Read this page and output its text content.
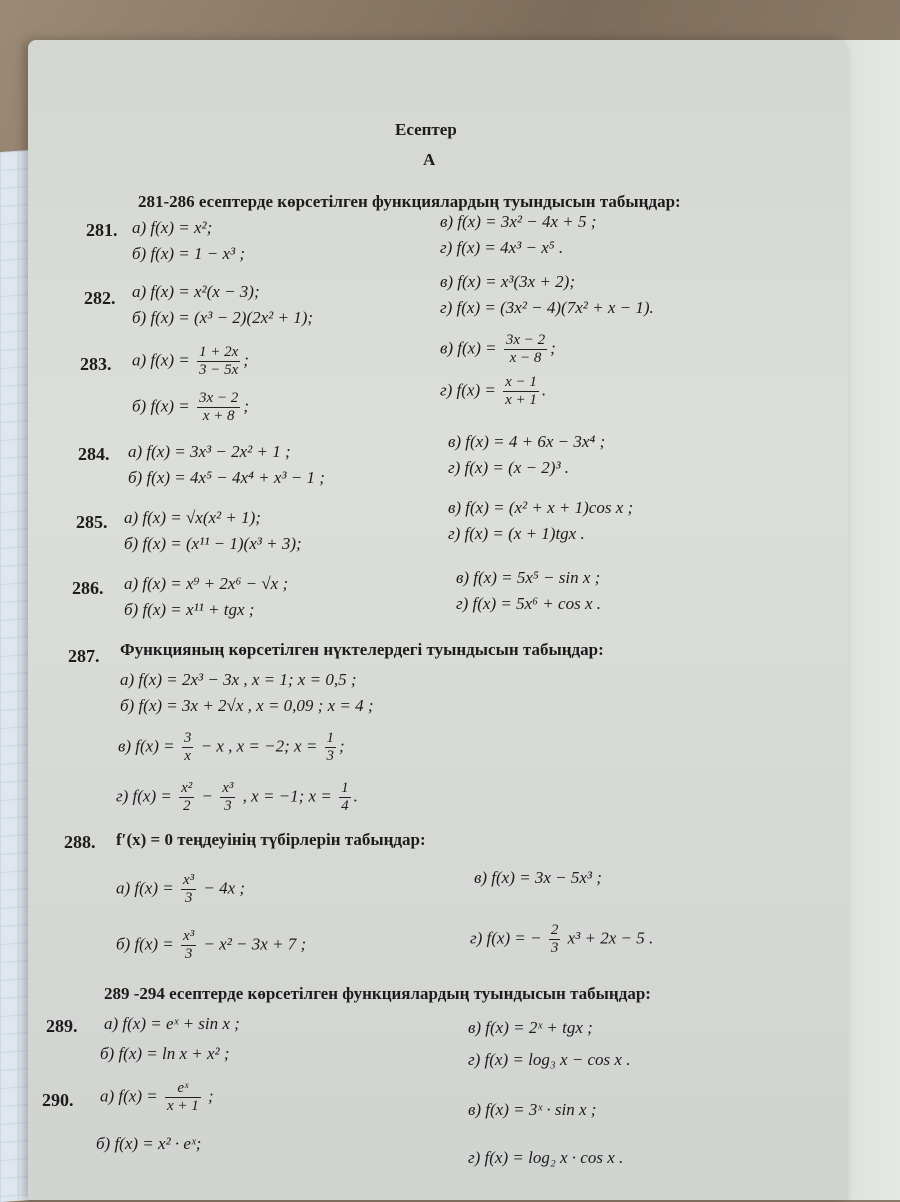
Есептер
А
281-286 есептерде көрсетілген функциялардың туындысын табыңдар:
281. а) f(x) = x²;
б) f(x) = 1 − x³ ;
в) f(x) = 3x² − 4x + 5 ;
г) f(x) = 4x³ − x⁵ .
282. а) f(x) = x²(x − 3);
б) f(x) = (x³ − 2)(2x² + 1);
в) f(x) = x³(3x + 2);
г) f(x) = (3x² − 4)(7x² + x − 1).
283. а) $f(x) = \frac{1 + 2x}{3 - 5x}$ ;
б) $f(x) = \frac{3x - 2}{x + 8}$ ;
в) $f(x) = \frac{3x - 2}{x - 8}$ ;
г) $f(x) = \frac{x - 1}{x + 1}$ .
284. а) f(x) = 3x³ − 2x² + 1 ;
б) f(x) = 4x⁵ − 4x⁴ + x³ − 1 ;
в) f(x) = 4 + 6x − 3x⁴ ;
г) f(x) = (x − 2)³ .
285. а) f(x) = √x(x² + 1);
б) f(x) = (x¹¹ − 1)(x³ + 3);
в) f(x) = (x² + x + 1)cos x ;
г) f(x) = (x + 1)tgx .
286. а) f(x) = x⁹ + 2x⁶ − √x ;
б) f(x) = x¹¹ + tgx ;
в) f(x) = 5x⁵ − sin x ;
г) f(x) = 5x⁶ + cos x .
287. Функцияның көрсетілген нүктелердегі туындысын табыңдар:
а) f(x) = 2x³ − 3x , x = 1; x = 0,5 ;
б) f(x) = 3x + 2√x , x = 0,09 ; x = 4 ;
в) $f(x) = \frac{3}{x} - x$ , x = −2; $x = \frac{1}{3}$ ;
г) $f(x) = \frac{\text{x²}}{2} - \frac{\text{x³}}{3}$ , x = −1; $x = \frac{1}{4}$ .
288. f′(x) = 0 теңдеуінің түбірлерін табыңдар:
а) $f(x) = \frac{\text{x³}}{3} - 4x$ ;
б) $f(x) = \frac{\text{x³}}{3} - x^2 - 3x + 7$ ;
в) f(x) = 3x − 5x³ ;
г) f(x) = − $\frac{2}{3} x^3 + 2x - 5$ .
289 -294 есептерде көрсетілген функциялардың туындысын табыңдар:
289. а) f(x) = eˣ + sin x ;
б) f(x) = ln x + x² ;
в) f(x) = 2ˣ + tgx ;
г) f(x) = log₃ x − cos x .
290. а) $f(x) = \frac{\text{eˣ}}{x + 1}$ ;
б) f(x) = x² · eˣ;
в) f(x) = 3ˣ · sin x ;
г) f(x) = log₂ x · cos x .
